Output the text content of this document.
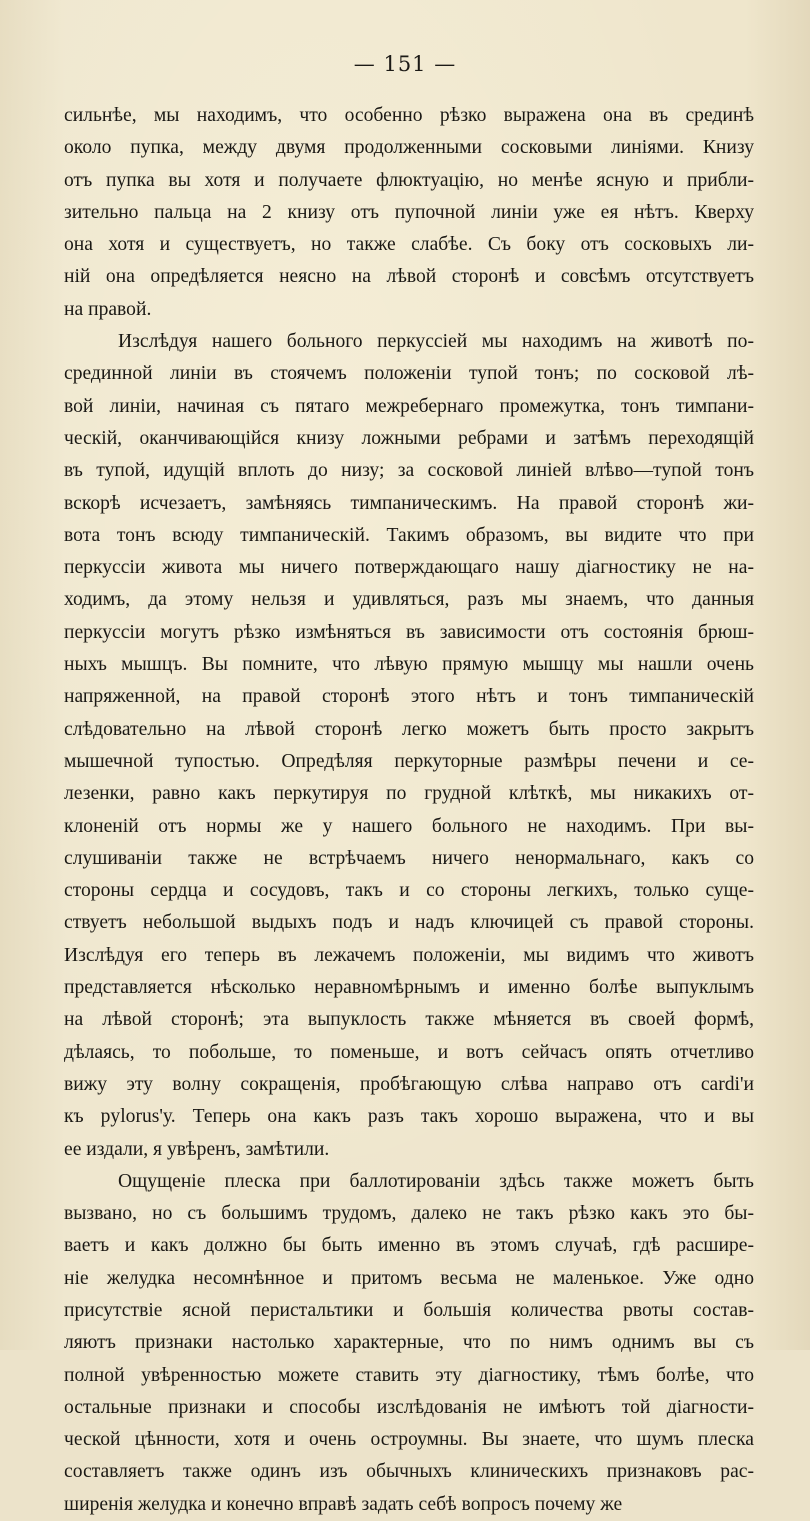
— 151 —
сильнѣе, мы находимъ, что особенно рѣзко выражена она въ срединѣ
около пупка, между двумя продолженными сосковыми линіями. Книзу
отъ пупка вы хотя и получаете флюктуацію, но менѣе ясную и прибли-
зительно пальца на 2 книзу отъ пупочной линіи уже ея нѣтъ. Кверху
она хотя и существуетъ, но также слабѣе. Съ боку отъ сосковыхъ ли-
ній она опредѣляется неясно на лѣвой сторонѣ и совсѣмъ отсутствуетъ
на правой.
Изслѣдуя нашего больного перкуссіей мы находимъ на животѣ по-
срединной линіи въ стоячемъ положеніи тупой тонъ; по сосковой лѣ-
вой линіи, начиная съ пятаго межребернаго промежутка, тонъ тимпани-
ческій, оканчивающійся книзу ложными ребрами и затѣмъ переходящій
въ тупой, идущій вплоть до низу; за сосковой линіей влѣво—тупой тонъ
вскорѣ исчезаетъ, замѣняясь тимпаническимъ. На правой сторонѣ жи-
вота тонъ всюду тимпаническій. Такимъ образомъ, вы видите что при
перкуссіи живота мы ничего потверждающаго нашу діагностику не на-
ходимъ, да этому нельзя и удивляться, разъ мы знаемъ, что данныя
перкуссіи могутъ рѣзко измѣняться въ зависимости отъ состоянія брюш-
ныхъ мышцъ. Вы помните, что лѣвую прямую мышцу мы нашли очень
напряженной, на правой сторонѣ этого нѣтъ и тонъ тимпаническій
слѣдовательно на лѣвой сторонѣ легко можетъ быть просто закрытъ
мышечной тупостью. Опредѣляя перкуторные размѣры печени и се-
лезенки, равно какъ перкутируя по грудной клѣткѣ, мы никакихъ от-
клоненій отъ нормы же у нашего больного не находимъ. При вы-
слушиваніи также не встрѣчаемъ ничего ненормальнаго, какъ со
стороны сердца и сосудовъ, такъ и со стороны легкихъ, только суще-
ствуетъ небольшой выдыхъ подъ и надъ ключицей съ правой стороны.
Изслѣдуя его теперь въ лежачемъ положеніи, мы видимъ что животъ
представляется нѣсколько неравномѣрнымъ и именно болѣе выпуклымъ
на лѣвой сторонѣ; эта выпуклость также мѣняется въ своей формѣ,
дѣлаясь, то побольше, то поменьше, и вотъ сейчасъ опять отчетливо
вижу эту волну сокращенія, пробѣгающую слѣва направо отъ cardi'и
къ pylorus'у. Теперь она какъ разъ такъ хорошо выражена, что и вы
ее издали, я увѣренъ, замѣтили.
Ощущеніе плеска при баллотированіи здѣсь также можетъ быть
вызвано, но съ большимъ трудомъ, далеко не такъ рѣзко какъ это бы-
ваетъ и какъ должно бы быть именно въ этомъ случаѣ, гдѣ расшире-
ніе желудка несомнѣнное и притомъ весьма не маленькое. Уже одно
присутствіе ясной перистальтики и большія количества рвоты состав-
ляютъ признаки настолько характерные, что по нимъ однимъ вы съ
полной увѣренностью можете ставить эту діагностику, тѣмъ болѣе, что
остальные признаки и способы изслѣдованія не имѣютъ той діагности-
ческой цѣнности, хотя и очень остроумны. Вы знаете, что шумъ плеска
составляетъ также одинъ изъ обычныхъ клиническихъ признаковъ рас-
ширенія желудка и конечно вправѣ задать себѣ вопросъ почему же
